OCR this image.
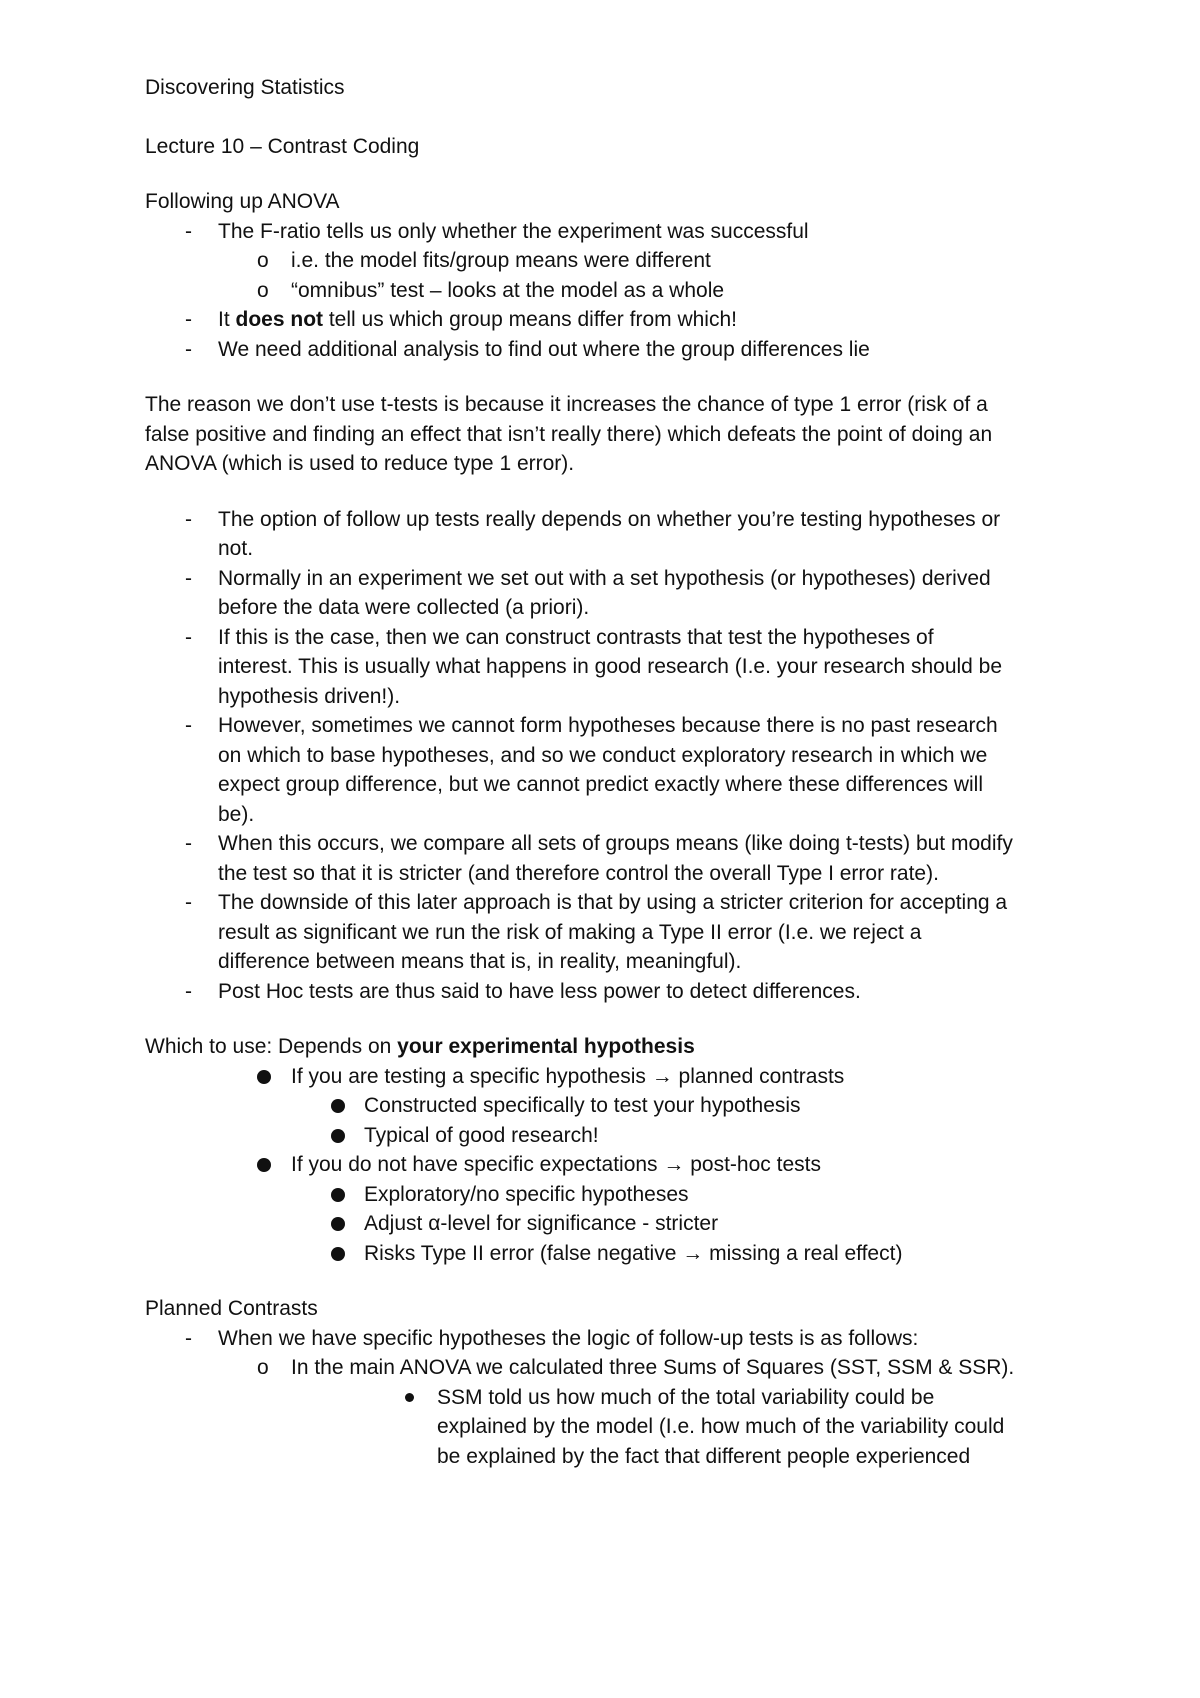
Discovering Statistics
Lecture 10 – Contrast Coding
Following up ANOVA
- The F-ratio tells us only whether the experiment was successful
o i.e. the model fits/group means were different
o “omnibus” test – looks at the model as a whole
- It does not tell us which group means differ from which!
- We need additional analysis to find out where the group differences lie
The reason we don’t use t-tests is because it increases the chance of type 1 error (risk of a
false positive and finding an effect that isn’t really there) which defeats the point of doing an
ANOVA (which is used to reduce type 1 error).
- The option of follow up tests really depends on whether you’re testing hypotheses or
not.
- Normally in an experiment we set out with a set hypothesis (or hypotheses) derived
before the data were collected (a priori).
- If this is the case, then we can construct contrasts that test the hypotheses of
interest. This is usually what happens in good research (I.e. your research should be
hypothesis driven!).
- However, sometimes we cannot form hypotheses because there is no past research
on which to base hypotheses, and so we conduct exploratory research in which we
expect group difference, but we cannot predict exactly where these differences will
be).
- When this occurs, we compare all sets of groups means (like doing t-tests) but modify
the test so that it is stricter (and therefore control the overall Type I error rate).
- The downside of this later approach is that by using a stricter criterion for accepting a
result as significant we run the risk of making a Type II error (I.e. we reject a
difference between means that is, in reality, meaningful).
- Post Hoc tests are thus said to have less power to detect differences.
Which to use: Depends on your experimental hypothesis
If you are testing a specific hypothesis → planned contrasts
Constructed specifically to test your hypothesis
Typical of good research!
If you do not have specific expectations → post-hoc tests
Exploratory/no specific hypotheses
Adjust α-level for significance - stricter
Risks Type II error (false negative → missing a real effect)
Planned Contrasts
- When we have specific hypotheses the logic of follow-up tests is as follows:
o In the main ANOVA we calculated three Sums of Squares (SST, SSM & SSR).
SSM told us how much of the total variability could be
explained by the model (I.e. how much of the variability could
be explained by the fact that different people experienced
